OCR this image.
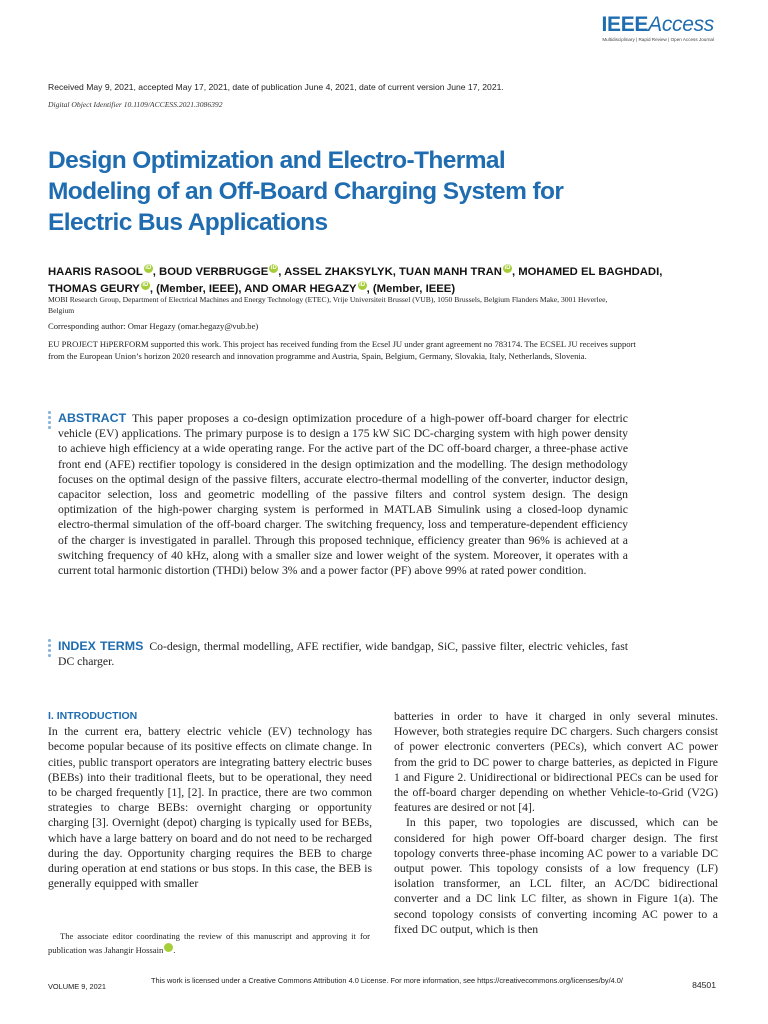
IEEEAccess
Multidisciplinary | Rapid Review | Open Access Journal
Received May 9, 2021, accepted May 17, 2021, date of publication June 4, 2021, date of current version June 17, 2021.
Digital Object Identifier 10.1109/ACCESS.2021.3086392
Design Optimization and Electro-Thermal Modeling of an Off-Board Charging System for Electric Bus Applications
HAARIS RASOOL iD , BOUD VERBRUGGE iD , ASSEL ZHAKSYLYK, TUAN MANH TRAN iD , MOHAMED EL BAGHDADI,
THOMAS GEURY iD , (Member, IEEE), AND OMAR HEGAZY iD , (Member, IEEE)
MOBI Research Group, Department of Electrical Machines and Energy Technology (ETEC), Vrije Universiteit Brussel (VUB), 1050 Brussels, Belgium Flanders Make, 3001 Heverlee, Belgium
Corresponding author: Omar Hegazy (omar.hegazy@vub.be)
EU PROJECT HiPERFORM supported this work. This project has received funding from the Ecsel JU under grant agreement no 783174. The ECSEL JU receives support from the European Union’s horizon 2020 research and innovation programme and Austria, Spain, Belgium, Germany, Slovakia, Italy, Netherlands, Slovenia.
ABSTRACT This paper proposes a co-design optimization procedure of a high-power off-board charger for electric vehicle (EV) applications. The primary purpose is to design a 175 kW SiC DC-charging system with high power density to achieve high efficiency at a wide operating range. For the active part of the DC off-board charger, a three-phase active front end (AFE) rectifier topology is considered in the design optimization and the modelling. The design methodology focuses on the optimal design of the passive filters, accurate electro-thermal modelling of the converter, inductor design, capacitor selection, loss and geometric modelling of the passive filters and control system design. The design optimization of the high-power charging system is performed in MATLAB Simulink using a closed-loop dynamic electro-thermal simulation of the off-board charger. The switching frequency, loss and temperature-dependent efficiency of the charger is investigated in parallel. Through this proposed technique, efficiency greater than 96% is achieved at a switching frequency of 40 kHz, along with a smaller size and lower weight of the system. Moreover, it operates with a current total harmonic distortion (THDi) below 3% and a power factor (PF) above 99% at rated power condition.
INDEX TERMS Co-design, thermal modelling, AFE rectifier, wide bandgap, SiC, passive filter, electric vehicles, fast DC charger.
I. INTRODUCTION

In the current era, battery electric vehicle (EV) technology has become popular because of its positive effects on climate change. In cities, public transport operators are integrating battery electric buses (BEBs) into their traditional fleets, but to be operational, they need to be charged frequently [1], [2]. In practice, there are two common strategies to charge BEBs: overnight charging or opportunity charging [3]. Overnight (depot) charging is typically used for BEBs, which have a large battery on board and do not need to be recharged during the day. Opportunity charging requires the BEB to charge during operation at end stations or bus stops. In this case, the BEB is generally equipped with smaller

batteries in order to have it charged in only several minutes. However, both strategies require DC chargers. Such chargers consist of power electronic converters (PECs), which convert AC power from the grid to DC power to charge batteries, as depicted in Figure 1 and Figure 2. Unidirectional or bidirectional PECs can be used for the off-board charger depending on whether Vehicle-to-Grid (V2G) features are desired or not [4].

In this paper, two topologies are discussed, which can be considered for high power Off-board charger design. The first topology converts three-phase incoming AC power to a variable DC output power. This topology consists of a low frequency (LF) isolation transformer, an LCL filter, an AC/DC bidirectional converter and a DC link LC filter, as shown in Figure 1(a). The second topology consists of converting incoming AC power to a fixed DC output, which is then

The associate editor coordinating the review of this manuscript and approving it for publication was Jahangir Hossain iD.

VOLUME 9, 2021
This work is licensed under a Creative Commons Attribution 4.0 License. For more information, see https://creativecommons.org/licenses/by/4.0/	84501
